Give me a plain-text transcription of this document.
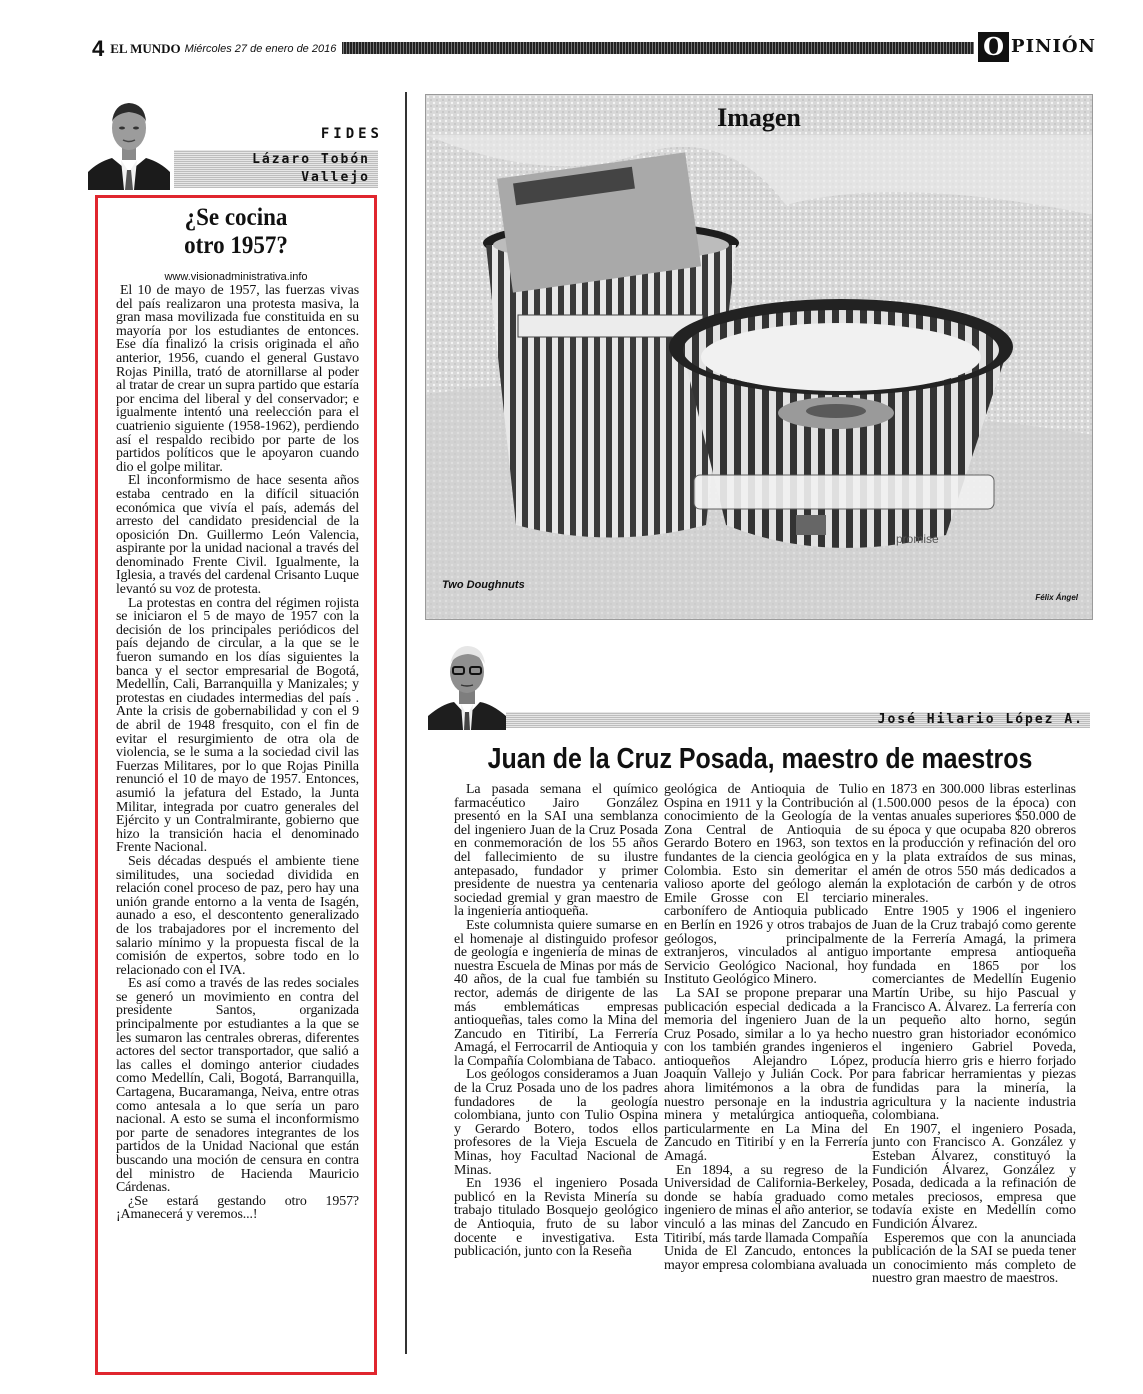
4 EL MUNDO Miércoles 27 de enero de 2016	O PINIÓN
FIDES
Lázaro Tobón
Vallejo
¿Se cocina
otro 1957?
www.visionadministrativa.info

El 10 de mayo de 1957, las fuerzas vivas del país realizaron una protesta masiva, la gran masa movilizada fue constituida en su mayoría por los estudiantes de entonces. Ese día finalizó la crisis originada el año anterior, 1956, cuando el general Gustavo Rojas Pinilla, trató de atornillarse al poder al tratar de crear un supra partido que estaría por encima del liberal y del conservador; e igualmente intentó una reelección para el cuatrienio siguiente (1958-1962), perdiendo así el respaldo recibido por parte de los partidos políticos que le apoyaron cuando dio el golpe militar.

El inconformismo de hace sesenta años estaba centrado en la difícil situación económica que vivía el país, además del arresto del candidato presidencial de la oposición Dn. Guillermo León Valencia, aspirante por la unidad nacional a través del denominado Frente Civil. Igualmente, la Iglesia, a través del cardenal Crisanto Luque levantó su voz de protesta.

La protestas en contra del régimen rojista se iniciaron el 5 de mayo de 1957 con la decisión de los principales periódicos del país dejando de circular, a la que se le fueron sumando en los días siguientes la banca y el sector empresarial de Bogotá, Medellín, Cali, Barranquilla y Manizales; y protestas en ciudades intermedias del país . Ante la crisis de gobernabilidad y con el 9 de abril de 1948 fresquito, con el fin de evitar el resurgimiento de otra ola de violencia, se le suma a la sociedad civil las Fuerzas Militares, por lo que Rojas Pinilla renunció el 10 de mayo de 1957. Entonces, asumió la jefatura del Estado, la Junta Militar, integrada por cuatro generales del Ejército y un Contralmirante, gobierno que hizo la transición hacia el denominado Frente Nacional.

Seis décadas después el ambiente tiene similitudes, una sociedad dividida en relación conel proceso de paz, pero hay una unión grande entorno a la venta de Isagén, aunado a eso, el descontento generalizado de los trabajadores por el incremento del salario mínimo y la propuesta fiscal de la comisión de expertos, sobre todo en lo relacionado con el IVA.

Es así como a través de las redes sociales se generó un movimiento en contra del presidente Santos, organizada principalmente por estudiantes a la que se les sumaron las centrales obreras, diferentes actores del sector transportador, que salió a las calles el domingo anterior ciudades como Medellín, Cali, Bogotá, Barranquilla, Cartagena, Bucaramanga, Neiva, entre otras como antesala a lo que sería un paro nacional. A esto se suma el inconformismo por parte de senadores integrantes de los partidos de la Unidad Nacional que están buscando una moción de censura en contra del ministro de Hacienda Mauricio Cárdenas.

¿Se estará gestando otro 1957? ¡Amanecerá y veremos...!

promise
Imagen
Two Doughnuts
Félix Ángel
José Hilario López A.
Juan de la Cruz Posada, maestro de maestros

La pasada semana el químico farmacéutico Jairo González presentó en la SAI una semblanza del ingeniero Juan de la Cruz Posada en conmemoración de los 55 años del fallecimiento de su ilustre antepasado, fundador y primer presidente de nuestra ya centenaria sociedad gremial y gran maestro de la ingeniería antioqueña.

Este columnista quiere sumarse en el homenaje al distinguido profesor de geología e ingeniería de minas de nuestra Escuela de Minas por más de 40 años, de la cual fue también su rector, además de dirigente de las más emblemáticas empresas antioqueñas, tales como la Mina del Zancudo en Titiribí, La Ferrería Amagá, el Ferrocarril de Antioquia y la Compañía Colombiana de Tabaco.

Los geólogos consideramos a Juan de la Cruz Posada uno de los padres fundadores de la geología colombiana, junto con Tulio Ospina y Gerardo Botero, todos ellos profesores de la Vieja Escuela de Minas, hoy Facultad Nacional de Minas.

En 1936 el ingeniero Posada publicó en la Revista Minería su trabajo titulado Bosquejo geológico de Antioquia, fruto de su labor docente e investigativa. Esta publicación, junto con la Reseña

geológica de Antioquia de Tulio Ospina en 1911 y la Contribución al conocimiento de la Geología de la Zona Central de Antioquia de Gerardo Botero en 1963, son textos fundantes de la ciencia geológica en Colombia. Esto sin demeritar el valioso aporte del geólogo alemán Emile Grosse con El terciario carbonífero de Antioquia publicado en Berlín en 1926 y otros trabajos de geólogos, principalmente extranjeros, vinculados al antiguo Servicio Geológico Nacional, hoy Instituto Geológico Minero.

La SAI se propone preparar una publicación especial dedicada a la memoria del ingeniero Juan de la Cruz Posado, similar a lo ya hecho con los también grandes ingenieros antioqueños Alejandro López, Joaquín Vallejo y Julián Cock. Por ahora limitémonos a la obra de nuestro personaje en la industria minera y metalúrgica antioqueña, particularmente en La Mina del Zancudo en Titiribí y en la Ferrería Amagá.

En 1894, a su regreso de la Universidad de California-Berkeley, donde se había graduado como ingeniero de minas el año anterior, se vinculó a las minas del Zancudo en Titiribí, más tarde llamada Compañía Unida de El Zancudo, entonces la mayor empresa colombiana avaluada

en 1873 en 300.000 libras esterlinas (1.500.000 pesos de la época) con ventas anuales superiores $50.000 de su época y que ocupaba 820 obreros en la producción y refinación del oro y la plata extraídos de sus minas, amén de otros 550 más dedicados a la explotación de carbón y de otros minerales.

Entre 1905 y 1906 el ingeniero Juan de la Cruz trabajó como gerente de la Ferrería Amagá, la primera importante empresa antioqueña fundada en 1865 por los comerciantes de Medellín Eugenio Martín Uribe, su hijo Pascual y Francisco A. Álvarez. La ferrería con un pequeño alto horno, según nuestro gran historiador económico el ingeniero Gabriel Poveda, producía hierro gris e hierro forjado para fabricar herramientas y piezas fundidas para la minería, la agricultura y la naciente industria colombiana.

En 1907, el ingeniero Posada, junto con Francisco A. González y Esteban Álvarez, constituyó la Fundición Álvarez, González y Posada, dedicada a la refinación de metales preciosos, empresa que todavía existe en Medellín como Fundición Álvarez.

Esperemos que con la anunciada publicación de la SAI se pueda tener un conocimiento más completo de nuestro gran maestro de maestros.
